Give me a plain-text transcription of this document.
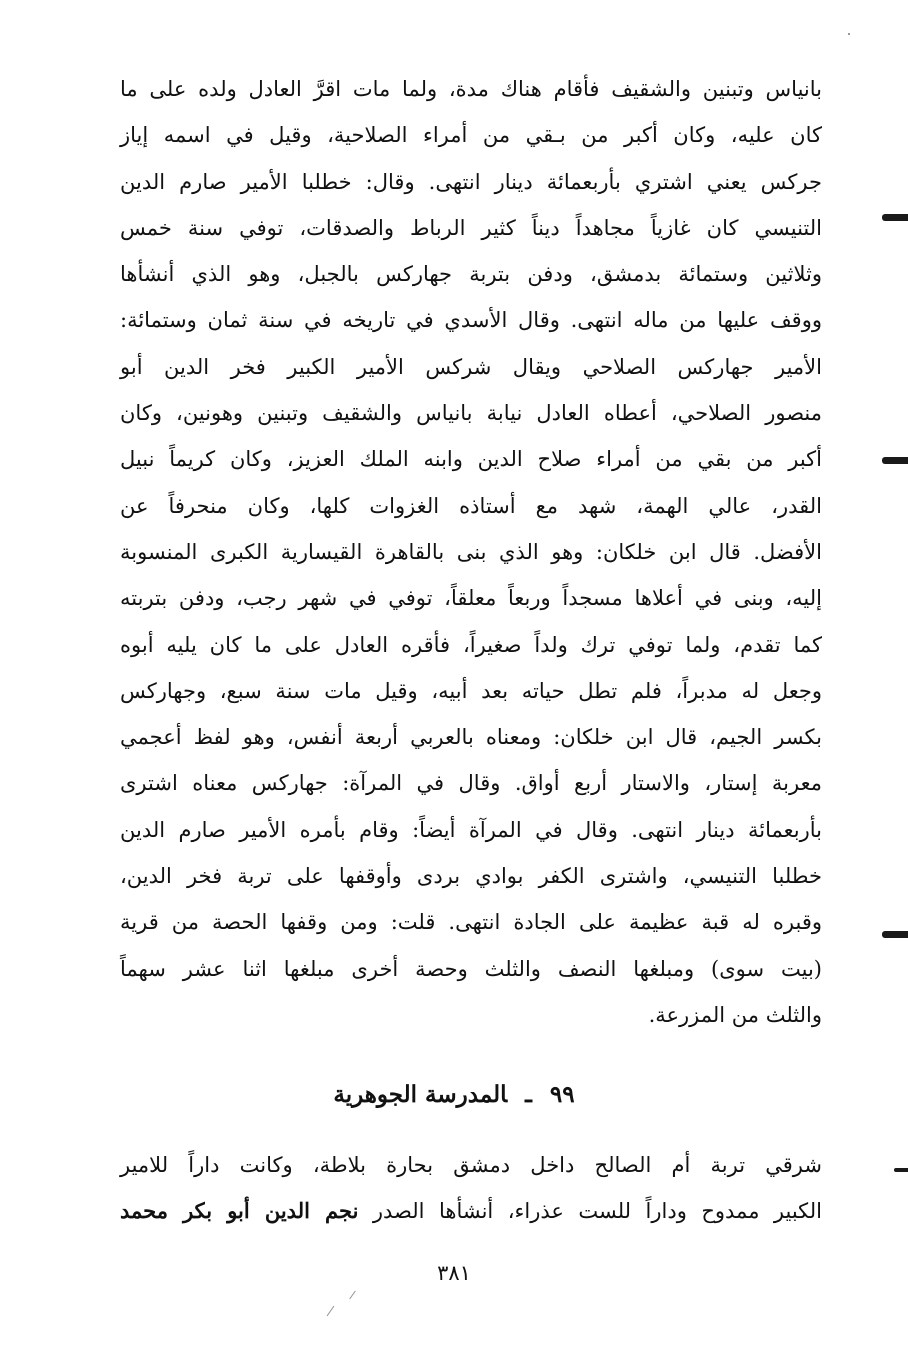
بانياس وتبنين والشقيف فأقام هناك مدة، ولما مات اقرَّ العادل ولده على ما
كان عليه، وكان أكبر من بـقي من أمراء الصلاحية، وقيل في اسمه إياز
جركس يعني اشتري بأربعمائة دينار انتهى. وقال: خطلبا الأمير صارم الدين
التنيسي كان غازياً مجاهداً ديناً كثير الرباط والصدقات، توفي سنة خمس
وثلاثين وستمائة بدمشق، ودفن بتربة جهاركس بالجبل، وهو الذي أنشأها
ووقف عليها من ماله انتهى. وقال الأسدي في تاريخه في سنة ثمان وستمائة:
الأمير جهاركس الصلاحي ويقال شركس الأمير الكبير فخر الدين أبو
منصور الصلاحي، أعطاه العادل نيابة بانياس والشقيف وتبنين وهونين، وكان
أكبر من بقي من أمراء صلاح الدين وابنه الملك العزيز، وكان كريماً نبيل
القدر، عالي الهمة، شهد مع أستاذه الغزوات كلها، وكان منحرفاً عن
الأفضل. قال ابن خلكان: وهو الذي بنى بالقاهرة القيسارية الكبرى المنسوبة
إليه، وبنى في أعلاها مسجداً وربعاً معلقاً، توفي في شهر رجب، ودفن بتربته
كما تقدم، ولما توفي ترك ولداً صغيراً، فأقره العادل على ما كان يليه أبوه
وجعل له مدبراً، فلم تطل حياته بعد أبيه، وقيل مات سنة سبع، وجهاركس
بكسر الجيم، قال ابن خلكان: ومعناه بالعربي أربعة أنفس، وهو لفظ أعجمي
معربة إستار، والاستار أربع أواق. وقال في المرآة: جهاركس معناه اشترى
بأربعمائة دينار انتهى. وقال في المرآة أيضاً: وقام بأمره الأمير صارم الدين
خطلبا التنيسي، واشترى الكفر بوادي بردى وأوقفها على تربة فخر الدين،
وقبره له قبة عظيمة على الجادة انتهى. قلت: ومن وقفها الحصة من قرية
(بيت سوى) ومبلغها النصف والثلث وحصة أخرى مبلغها اثنا عشر سهماً
والثلث من المزرعة.
٩٩ـالمدرسة الجوهرية
شرقي تربة أم الصالح داخل دمشق بحارة بلاطة، وكانت داراً للامير
الكبير ممدوح وداراً للست عذراء، أنشأها الصدر نجم الدين أبو بكر محمد
٣٨١
